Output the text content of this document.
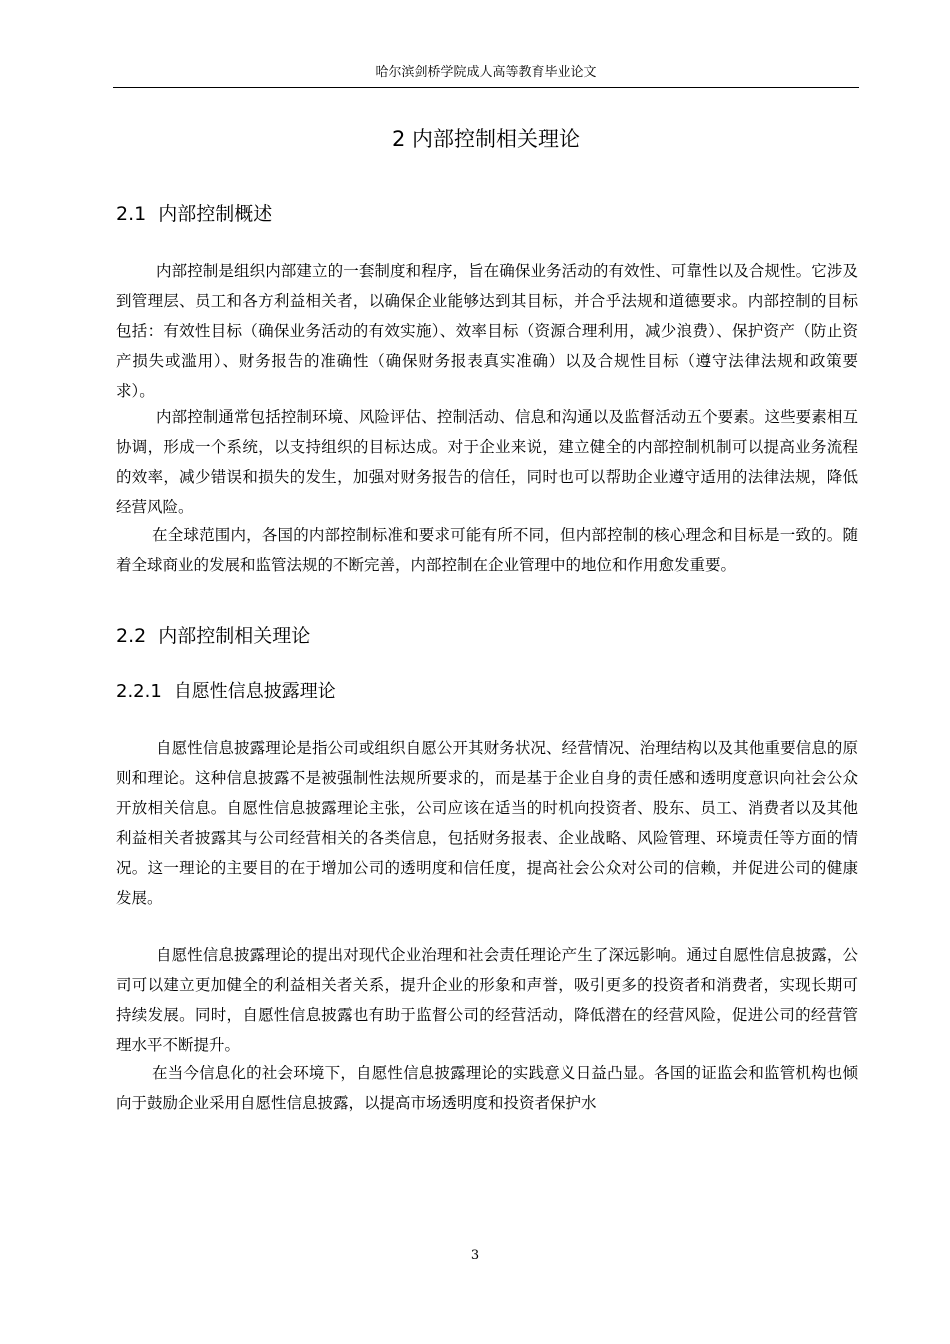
哈尔滨剑桥学院成人高等教育毕业论文
2 内部控制相关理论
2.1 内部控制概述

内部控制是组织内部建立的一套制度和程序，旨在确保业务活动的有效性、可靠性以及合规性。它涉及到管理层、员工和各方利益相关者，以确保企业能够达到其目标，并合乎法规和道德要求。内部控制的目标包括：有效性目标（确保业务活动的有效实施）、效率目标（资源合理利用，减少浪费）、保护资产（防止资产损失或滥用）、财务报告的准确性（确保财务报表真实准确）以及合规性目标（遵守法律法规和政策要求）。

内部控制通常包括控制环境、风险评估、控制活动、信息和沟通以及监督活动五个要素。这些要素相互协调，形成一个系统，以支持组织的目标达成。对于企业来说，建立健全的内部控制机制可以提高业务流程的效率，减少错误和损失的发生，加强对财务报告的信任，同时也可以帮助企业遵守适用的法律法规，降低经营风险。

在全球范围内，各国的内部控制标准和要求可能有所不同，但内部控制的核心理念和目标是一致的。随着全球商业的发展和监管法规的不断完善，内部控制在企业管理中的地位和作用愈发重要。

2.2 内部控制相关理论
2.2.1 自愿性信息披露理论

自愿性信息披露理论是指公司或组织自愿公开其财务状况、经营情况、治理结构以及其他重要信息的原则和理论。这种信息披露不是被强制性法规所要求的，而是基于企业自身的责任感和透明度意识向社会公众开放相关信息。自愿性信息披露理论主张，公司应该在适当的时机向投资者、股东、员工、消费者以及其他利益相关者披露其与公司经营相关的各类信息，包括财务报表、企业战略、风险管理、环境责任等方面的情况。这一理论的主要目的在于增加公司的透明度和信任度，提高社会公众对公司的信赖，并促进公司的健康发展。

自愿性信息披露理论的提出对现代企业治理和社会责任理论产生了深远影响。通过自愿性信息披露，公司可以建立更加健全的利益相关者关系，提升企业的形象和声誉，吸引更多的投资者和消费者，实现长期可持续发展。同时，自愿性信息披露也有助于监督公司的经营活动，降低潜在的经营风险，促进公司的经营管理水平不断提升。

在当今信息化的社会环境下，自愿性信息披露理论的实践意义日益凸显。各国的证监会和监管机构也倾向于鼓励企业采用自愿性信息披露，以提高市场透明度和投资者保护水

3
